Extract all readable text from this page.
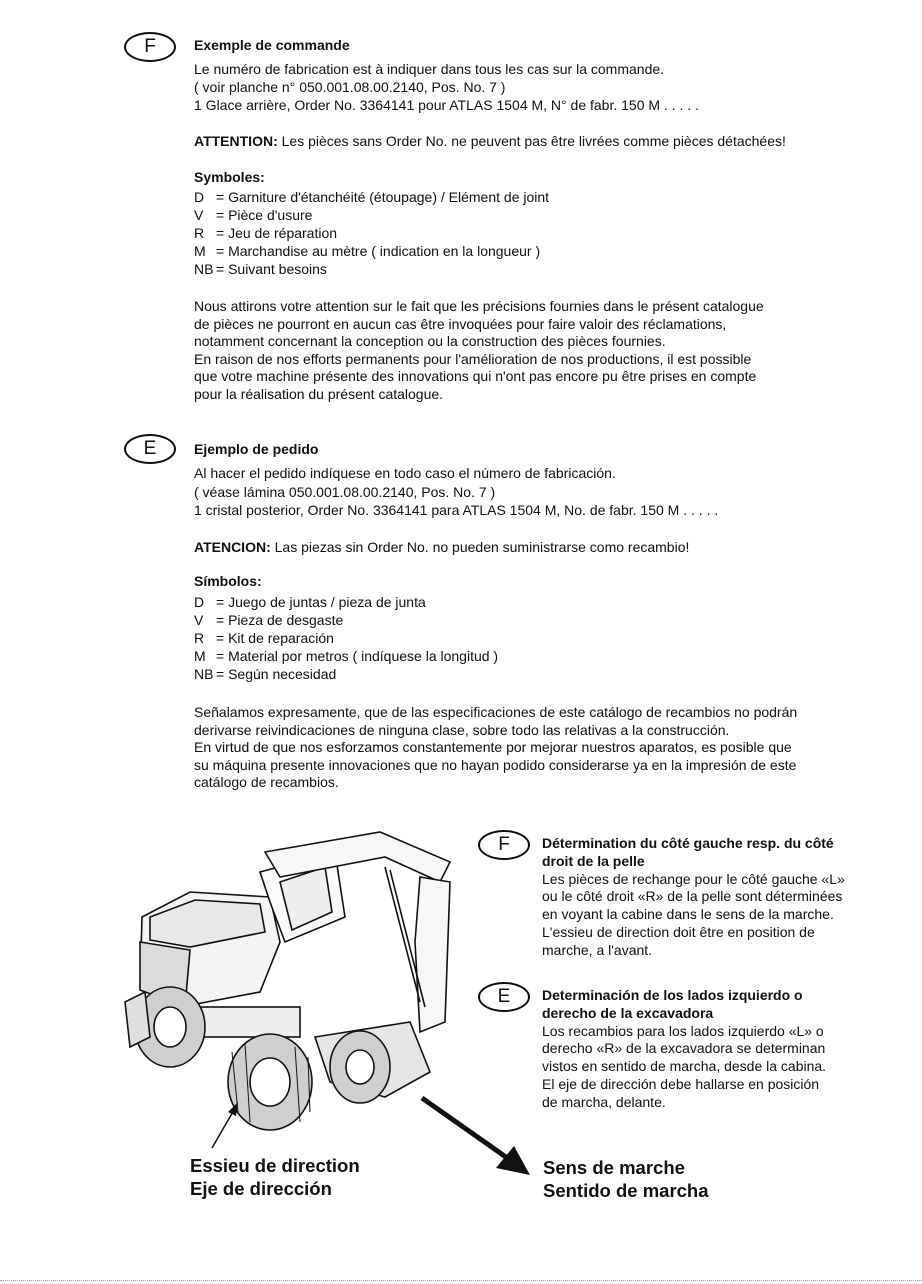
F	Exemple de commande
Le numéro de fabrication est à indiquer dans tous les cas sur la commande.
( voir planche n° 050.001.08.00.2140, Pos. No. 7 )
1 Glace arrière, Order No. 3364141 pour ATLAS 1504 M, N° de fabr. 150 M . . . . .
ATTENTION: Les pièces sans Order No. ne peuvent pas être livrées comme pièces détachées!
Symboles:
D = Garniture d'étanchéité (étoupage) / Elément de joint
V = Pièce d'usure
R = Jeu de réparation
M = Marchandise au mètre ( indication en la longueur )
NB = Suivant besoins
Nous attirons votre attention sur le fait que les précisions fournies dans le présent catalogue
de pièces ne pourront en aucun cas être invoquées pour faire valoir des réclamations,
notamment concernant la conception ou la construction des pièces fournies.
En raison de nos efforts permanents pour l'amélioration de nos productions, il est possible
que votre machine présente des innovations qui n'ont pas encore pu être prises en compte
pour la réalisation du présent catalogue.
E	Ejemplo de pedido
Al hacer el pedido indíquese en todo caso el número de fabricación.
( véase lámina 050.001.08.00.2140, Pos. No. 7 )
1 cristal posterior, Order No. 3364141 para ATLAS 1504 M, No. de fabr. 150 M . . . . .
ATENCION: Las piezas sin Order No. no pueden suministrarse como recambio!
Símbolos:
D = Juego de juntas / pieza de junta
V = Pieza de desgaste
R = Kit de reparación
M = Material por metros ( indíquese la longitud )
NB = Según necesidad
Señalamos expresamente, que de las especificaciones de este catálogo de recambios no podrán
derivarse reivindicaciones de ninguna clase, sobre todo las relativas a la construcción.
En virtud de que nos esforzamos constantemente por mejorar nuestros aparatos, es posible que
su máquina presente innovaciones que no hayan podido considerarse ya en la impresión de este
catálogo de recambios.
F	Détermination du côté gauche resp. du côté
droit de la pelle
Les pièces de rechange pour le côté gauche «L»
ou le côté droit «R» de la pelle sont déterminées
en voyant la cabine dans le sens de la marche.
L'essieu de direction doit être en position de
marche, a l'avant.
E	Determinación de los lados izquierdo o
derecho de la excavadora
Los recambios para los lados izquierdo «L» o
derecho «R» de la excavadora se determinan
vistos en sentido de marcha, desde la cabina.
El eje de dirección debe hallarse en posición
de marcha, delante.
Essieu de direction
Eje de dirección
Sens de marche
Sentido de marcha
